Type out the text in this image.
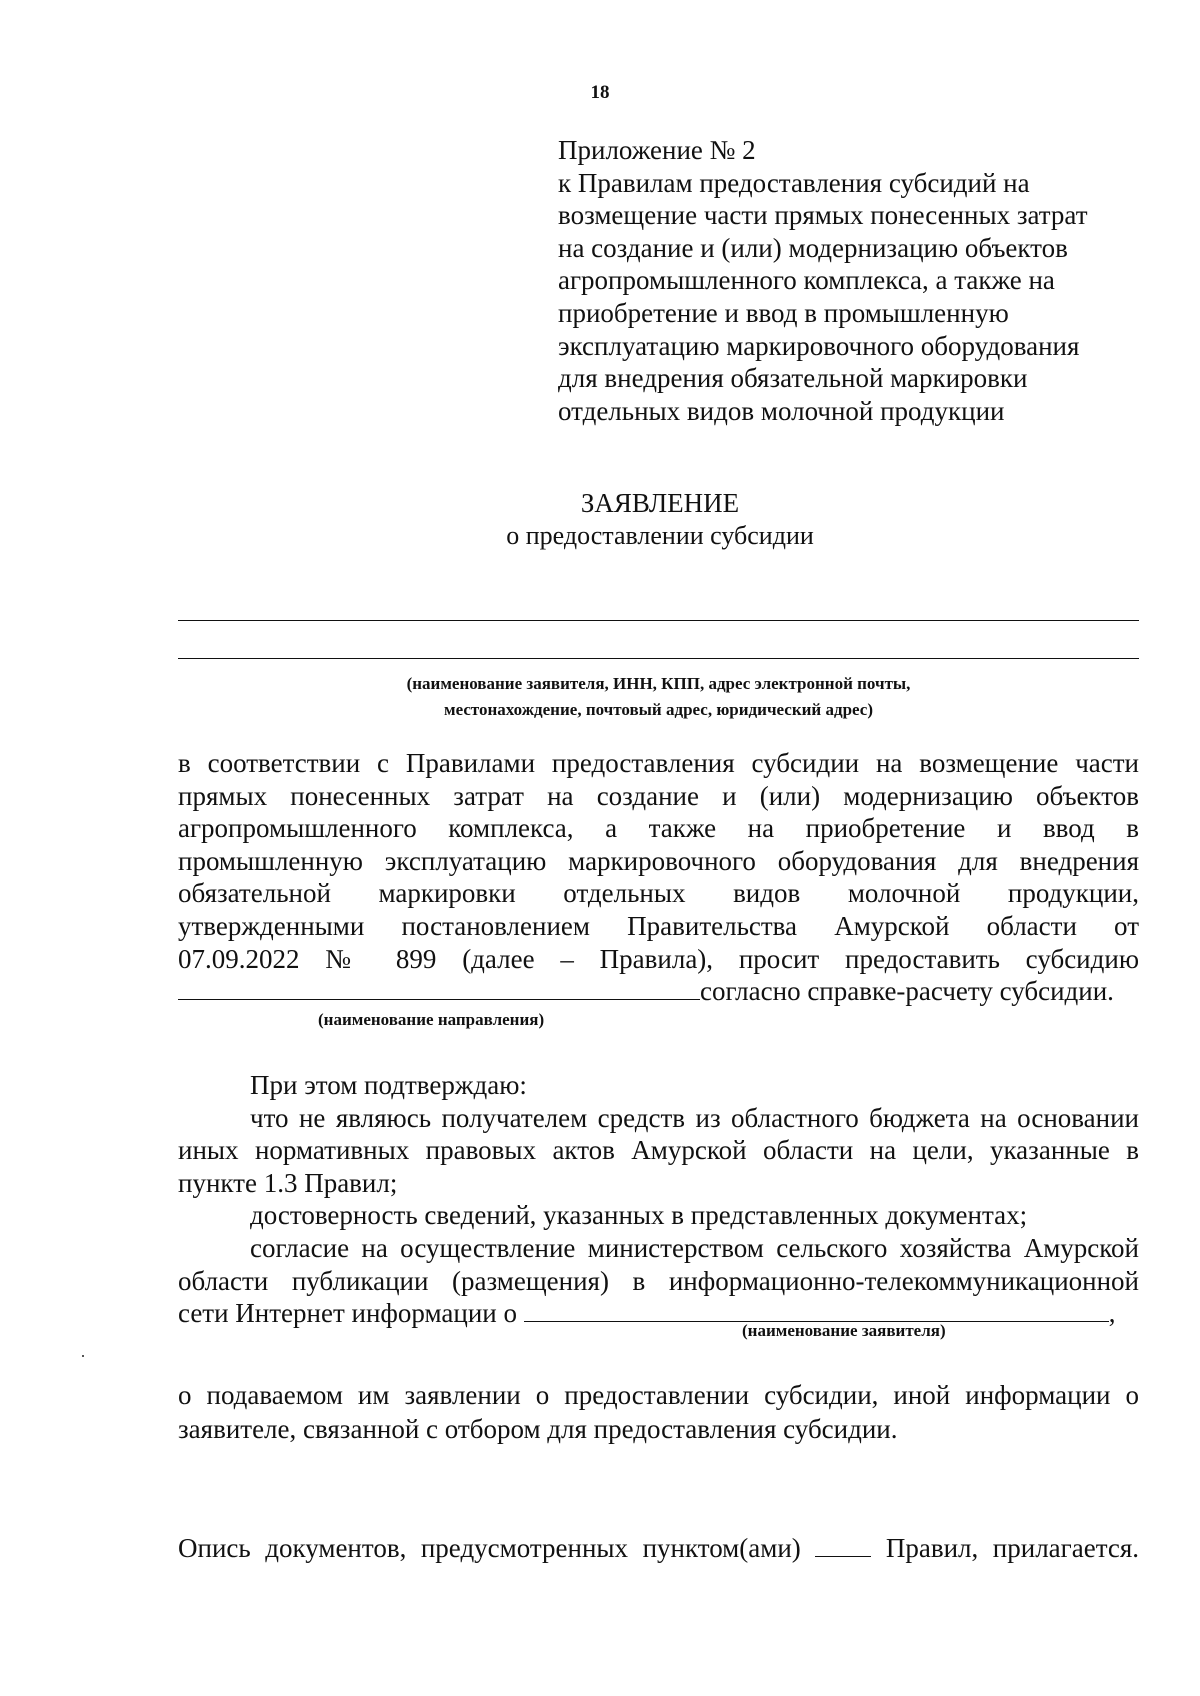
18
Приложение № 2
к Правилам предоставления субсидий на
возмещение части прямых понесенных затрат
на создание и (или) модернизацию объектов
агропромышленного комплекса, а также на
приобретение и ввод в промышленную
эксплуатацию маркировочного оборудования
для внедрения обязательной маркировки
отдельных видов молочной продукции
ЗАЯВЛЕНИЕ
о предоставлении субсидии
(наименование заявителя, ИНН, КПП, адрес электронной почты,
местонахождение, почтовый адрес, юридический адрес)
в соответствии с Правилами предоставления субсидии на возмещение части
прямых понесенных затрат на создание и (или) модернизацию объектов
агропромышленного комплекса, а также на приобретение и ввод в
промышленную эксплуатацию маркировочного оборудования для внедрения
обязательной маркировки отдельных видов молочной продукции,
утвержденными постановлением Правительства Амурской области от
07.09.2022 № 899 (далее – Правила), просит предоставить субсидию
согласно справке-расчету субсидии.
(наименование направления)
При этом подтверждаю:
что не являюсь получателем средств из областного бюджета на основании
иных нормативных правовых актов Амурской области на цели, указанные в
пункте 1.3 Правил;
достоверность сведений, указанных в представленных документах;
согласие на осуществление министерством сельского хозяйства Амурской
области публикации (размещения) в информационно-телекоммуникационной
сети Интернет информации о	,
(наименование заявителя)
о подаваемом им заявлении о предоставлении субсидии, иной информации о
заявителе, связанной с отбором для предоставления субсидии.
Опись документов, предусмотренных пунктом(ами)	Правил, прилагается.
